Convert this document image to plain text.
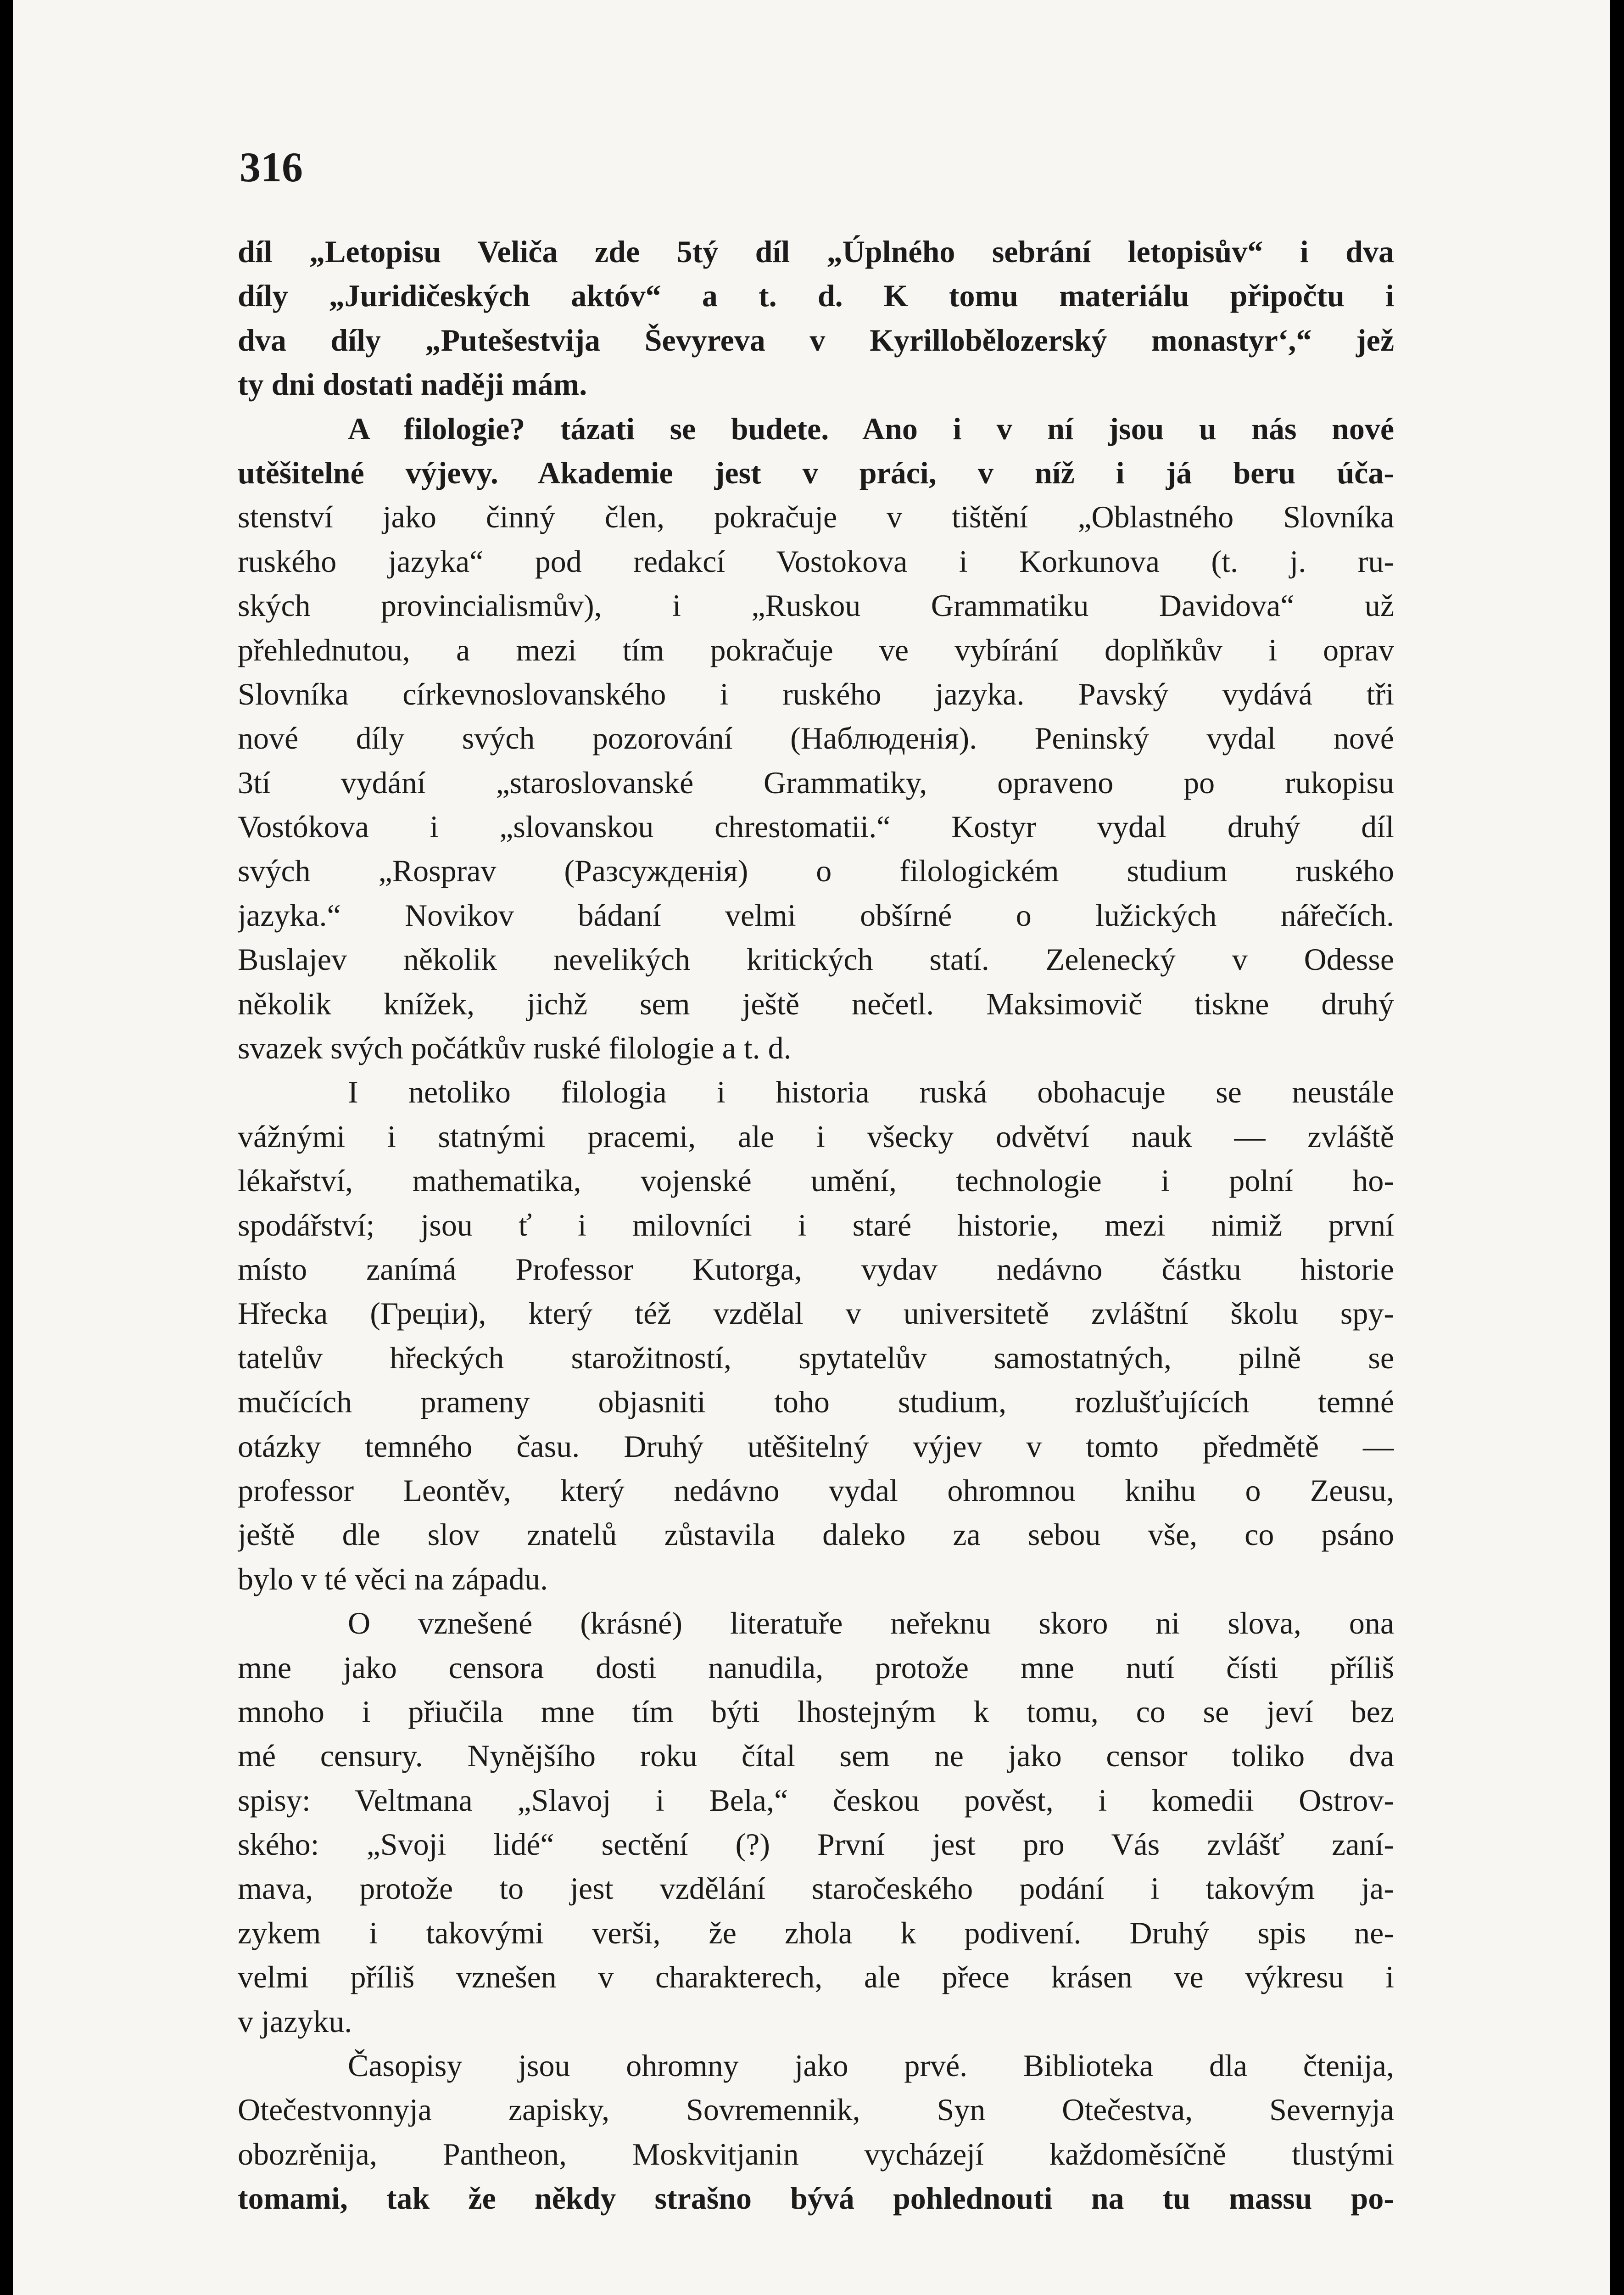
316
díl „Letopisu Veliča zde 5tý díl „Úplného sebrání letopisův“ i dva
díly „Juridičeských aktóv“ a t. d. K tomu materiálu připočtu i
dva díly „Putešestvija Ševyreva v Kyrillobělozerský monastyr‘,“ jež
ty dni dostati naději mám.
A filologie? tázati se budete. Ano i v ní jsou u nás nové
utěšitelné výjevy. Akademie jest v práci, v níž i já beru úča-
stenství jako činný člen, pokračuje v tištění „Oblastného Slovníka
ruského jazyka“ pod redakcí Vostokova i Korkunova (t. j. ru-
ských provincialismův), i „Ruskou Grammatiku Davidova“ už
přehlednutou, a mezi tím pokračuje ve vybírání doplňkův i oprav
Slovníka církevnoslovanského i ruského jazyka. Pavský vydává tři
nové díly svých pozorování (Наблюденія). Peninský vydal nové
3tí vydání „staroslovanské Grammatiky, opraveno po rukopisu
Vostókova i „slovanskou chrestomatii.“ Kostyr vydal druhý díl
svých „Rosprav (Разсужденія) o filologickém studium ruského
jazyka.“ Novikov bádaní velmi obšírné o lužických nářečích.
Buslajev několik nevelikých kritických statí. Zelenecký v Odesse
několik knížek, jichž sem ještě nečetl. Maksimovič tiskne druhý
svazek svých počátkův ruské filologie a t. d.
I netoliko filologia i historia ruská obohacuje se neustále
vážnými i statnými pracemi, ale i všecky odvětví nauk — zvláště
lékařství, mathematika, vojenské umění, technologie i polní ho-
spodářství; jsou ť i milovníci i staré historie, mezi nimiž první
místo zanímá Professor Kutorga, vydav nedávno částku historie
Hřecka (Греціи), který též vzdělal v universitetě zvláštní školu spy-
tatelův hřeckých starožitností, spytatelův samostatných, pilně se
mučících prameny objasniti toho studium, rozlušťujících temné
otázky temného času. Druhý utěšitelný výjev v tomto předmětě —
professor Leontěv, který nedávno vydal ohromnou knihu o Zeusu,
ještě dle slov znatelů zůstavila daleko za sebou vše, co psáno
bylo v té věci na západu.
O vznešené (krásné) literatuře neřeknu skoro ni slova, ona
mne jako censora dosti nanudila, protože mne nutí čísti příliš
mnoho i přiučila mne tím býti lhostejným k tomu, co se jeví bez
mé censury. Nynějšího roku čítal sem ne jako censor toliko dva
spisy: Veltmana „Slavoj i Bela,“ českou pověst, i komedii Ostrov-
ského: „Svoji lidé“ sectění (?) První jest pro Vás zvlášť zaní-
mava, protože to jest vzdělání staročeského podání i takovým ja-
zykem i takovými verši, že zhola k podivení. Druhý spis ne-
velmi příliš vznešen v charakterech, ale přece krásen ve výkresu i
v jazyku.
Časopisy jsou ohromny jako prvé. Biblioteka dla čtenija,
Otečestvonnyja zapisky, Sovremennik, Syn Otečestva, Severnyja
obozrěnija, Pantheon, Moskvitjanin vycházejí každoměsíčně tlustými
tomami, tak že někdy strašno bývá pohlednouti na tu massu po-
